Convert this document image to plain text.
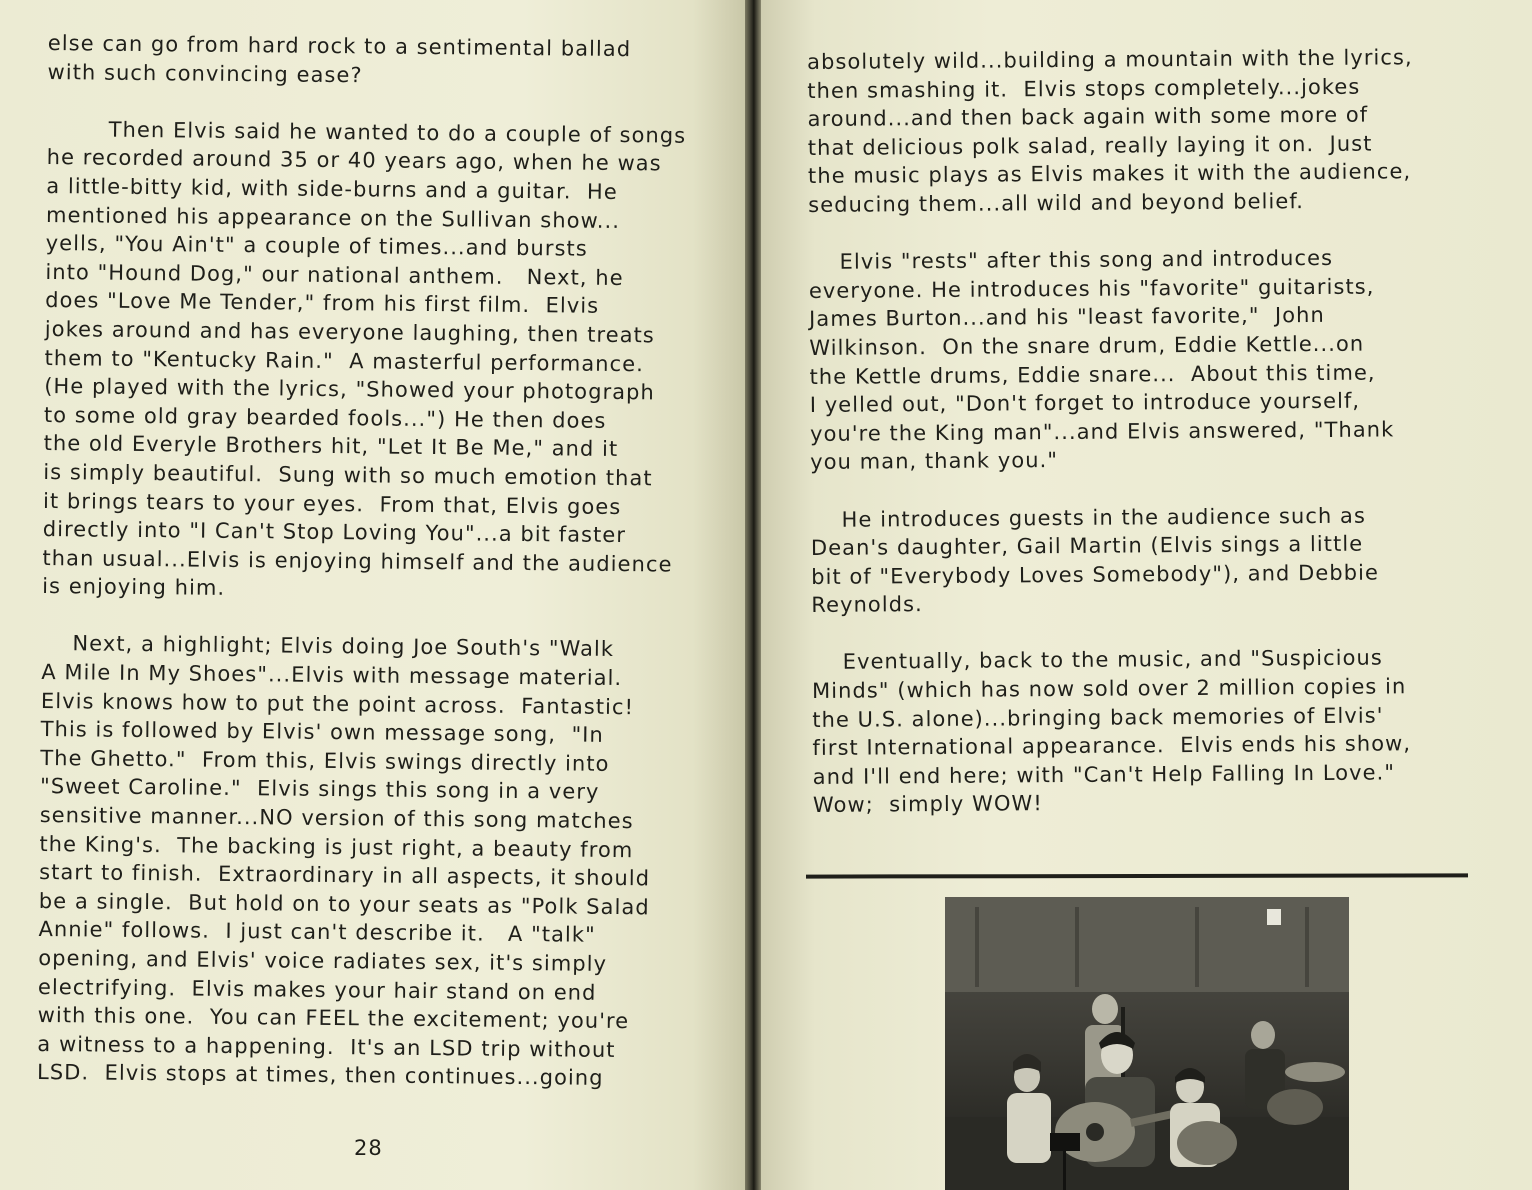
else can go from hard rock to a sentimental ballad
with such convincing ease?
Then Elvis said he wanted to do a couple of songs
he recorded around 35 or 40 years ago, when he was
a little-bitty kid, with side-burns and a guitar.  He
mentioned his appearance on the Sullivan show...
yells, "You Ain't" a couple of times...and bursts
into "Hound Dog," our national anthem.   Next, he
does "Love Me Tender," from his first film.  Elvis
jokes around and has everyone laughing, then treats
them to "Kentucky Rain."  A masterful performance.
(He played with the lyrics, "Showed your photograph
to some old gray bearded fools...") He then does
the old Everyle Brothers hit, "Let It Be Me," and it
is simply beautiful.  Sung with so much emotion that
it brings tears to your eyes.  From that, Elvis goes
directly into "I Can't Stop Loving You"...a bit faster
than usual...Elvis is enjoying himself and the audience
is enjoying him.
Next, a highlight; Elvis doing Joe South's "Walk
A Mile In My Shoes"...Elvis with message material.
Elvis knows how to put the point across.  Fantastic!
This is followed by Elvis' own message song,  "In
The Ghetto."  From this, Elvis swings directly into
"Sweet Caroline."  Elvis sings this song in a very
sensitive manner...NO version of this song matches
the King's.  The backing is just right, a beauty from
start to finish.  Extraordinary in all aspects, it should
be a single.  But hold on to your seats as "Polk Salad
Annie" follows.  I just can't describe it.   A "talk"
opening, and Elvis' voice radiates sex, it's simply
electrifying.  Elvis makes your hair stand on end
with this one.  You can FEEL the excitement; you're
a witness to a happening.  It's an LSD trip without
LSD.  Elvis stops at times, then continues...going
28
absolutely wild...building a mountain with the lyrics,
then smashing it.  Elvis stops completely...jokes
around...and then back again with some more of
that delicious polk salad, really laying it on.  Just
the music plays as Elvis makes it with the audience,
seducing them...all wild and beyond belief.
Elvis "rests" after this song and introduces
everyone. He introduces his "favorite" guitarists,
James Burton...and his "least favorite,"  John
Wilkinson.  On the snare drum, Eddie Kettle...on
the Kettle drums, Eddie snare...  About this time,
I yelled out, "Don't forget to introduce yourself,
you're the King man"...and Elvis answered, "Thank
you man, thank you."
He introduces guests in the audience such as
Dean's daughter, Gail Martin (Elvis sings a little
bit of "Everybody Loves Somebody"), and Debbie
Reynolds.
Eventually, back to the music, and "Suspicious
Minds" (which has now sold over 2 million copies in
the U.S. alone)...bringing back memories of Elvis'
first International appearance.  Elvis ends his show,
and I'll end here; with "Can't Help Falling In Love."
Wow;  simply WOW!
